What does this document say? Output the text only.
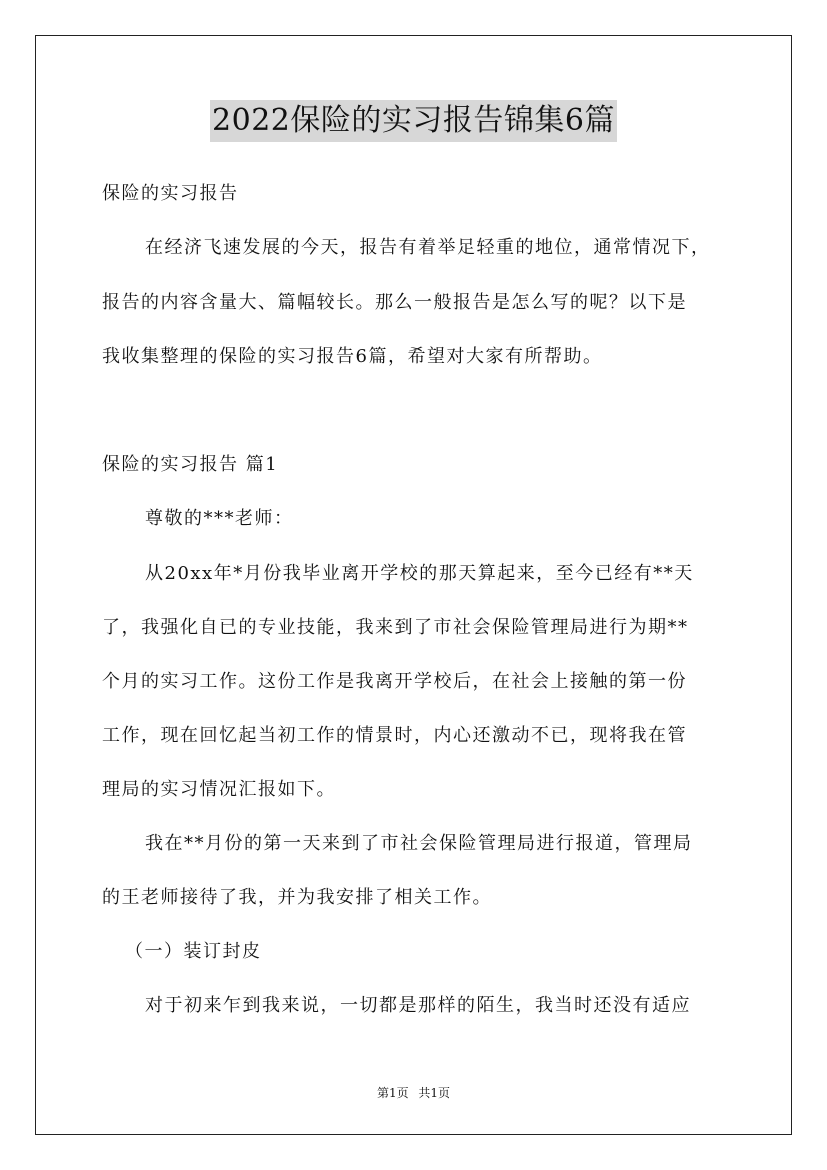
2022保险的实习报告锦集6篇
保险的实习报告
在经济飞速发展的今天，报告有着举足轻重的地位，通常情况下，
报告的内容含量大、篇幅较长。那么一般报告是怎么写的呢？以下是
我收集整理的保险的实习报告6篇，希望对大家有所帮助。
保险的实习报告 篇1
尊敬的***老师：
从20xx年*月份我毕业离开学校的那天算起来，至今已经有**天
了，我强化自已的专业技能，我来到了市社会保险管理局进行为期**
个月的实习工作。这份工作是我离开学校后，在社会上接触的第一份
工作，现在回忆起当初工作的情景时，内心还激动不已，现将我在管
理局的实习情况汇报如下。
我在**月份的第一天来到了市社会保险管理局进行报道，管理局
的王老师接待了我，并为我安排了相关工作。
（一）装订封皮
对于初来乍到我来说，一切都是那样的陌生，我当时还没有适应
第1页 共1页
